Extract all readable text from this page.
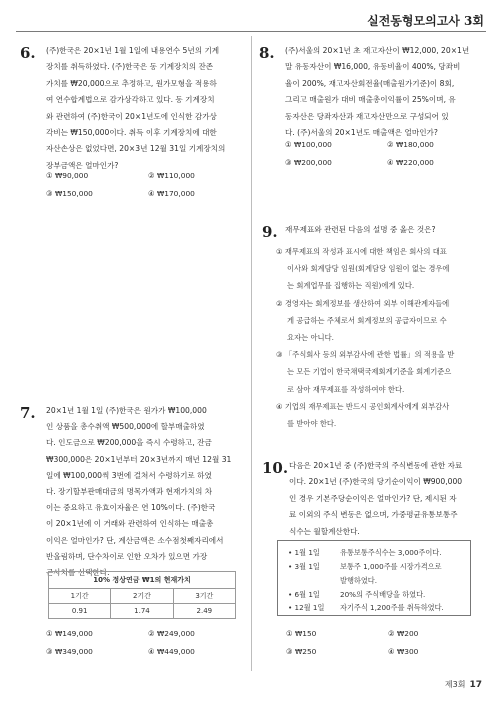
실전동형모의고사 3회
6. (주)한국은 20×1년 1월 1일에 내용연수 5년의 기계
장치를 취득하였다. (주)한국은 동 기계장치의 잔존
가치를 ₩20,000으로 추정하고, 원가모형을 적용하
여 연수합계법으로 감가상각하고 있다. 동 기계장치
와 관련하여 (주)한국이 20×1년도에 인식한 감가상
각비는 ₩150,000이다. 취득 이후 기계장치에 대한
자산손상은 없었다면, 20×3년 12월 31일 기계장치의
장부금액은 얼마인가?
① ₩90,000	② ₩110,000
③ ₩150,000	④ ₩170,000
7. 20×1년 1월 1일 (주)한국은 원가가 ₩100,000
인 상품을 총수취액 ₩500,000에 할부매출하였
다. 인도금으로 ₩200,000을 즉시 수령하고, 잔금
₩300,000은 20×1년부터 20×3년까지 매년 12월 31
일에 ₩100,000씩 3번에 걸쳐서 수령하기로 하였
다. 장기할부판매대금의 명목가액과 현재가치의 차
이는 중요하고 유효이자율은 연 10%이다. (주)한국
이 20×1년에 이 거래와 관련하여 인식하는 매출총
이익은 얼마인가? 단, 계산금액은 소수점첫째자리에서
반올림하며, 단수차이로 인한 오차가 있으면 가장
근사치를 선택한다.
10% 정상연금 ₩1의 현재가치		
1기간	2기간	3기간
0.91	1.74	2.49
① ₩149,000	② ₩249,000
③ ₩349,000	④ ₩449,000
8. (주)서울의 20×1년 초 재고자산이 ₩12,000, 20×1년
말 유동자산이 ₩16,000, 유동비율이 400%, 당좌비
율이 200%, 재고자산회전율(매출원가기준)이 8회,
그리고 매출원가 대비 매출총이익률이 25%이며, 유
동자산은 당좌자산과 재고자산만으로 구성되어 있
다. (주)서울의 20×1년도 매출액은 얼마인가?
① ₩100,000	② ₩180,000
③ ₩200,000	④ ₩220,000
9. 재무제표와 관련된 다음의 설명 중 옳은 것은?
① 재무제표의 작성과 표시에 대한 책임은 회사의 대표
이사와 회계담당 임원(회계담당 임원이 없는 경우에
는 회계업무를 집행하는 직원)에게 있다.
② 경영자는 회계정보를 생산하여 외부 이해관계자들에
게 공급하는 주체로서 회계정보의 공급자이므로 수
요자는 아니다.
③ 「주식회사 등의 외부감사에 관한 법률」의 적용을 받
는 모든 기업이 한국채택국제회계기준을 회계기준으
로 삼아 재무제표를 작성하여야 한다.
④ 기업의 재무제표는 반드시 공인회계사에게 외부감사
를 받아야 한다.
10. 다음은 20×1년 중 (주)한국의 주식변동에 관한 자료
이다. 20×1년 (주)한국의 당기순이익이 ₩900,000
인 경우 기본주당순이익은 얼마인가? 단, 제시된 자
료 이외의 주식 변동은 없으며, 가중평균유통보통주
식수는 월할계산한다.
• 1월 1일	유통보통주식수는 3,000주이다.
• 3월 1일	보통주 1,000주를 시장가격으로
발행하였다.
• 6월 1일	20%의 주식배당을 하였다.
• 12월 1일 자기주식 1,200주를 취득하였다.
① ₩150	② ₩200
③ ₩250	④ ₩300
제3회 17
